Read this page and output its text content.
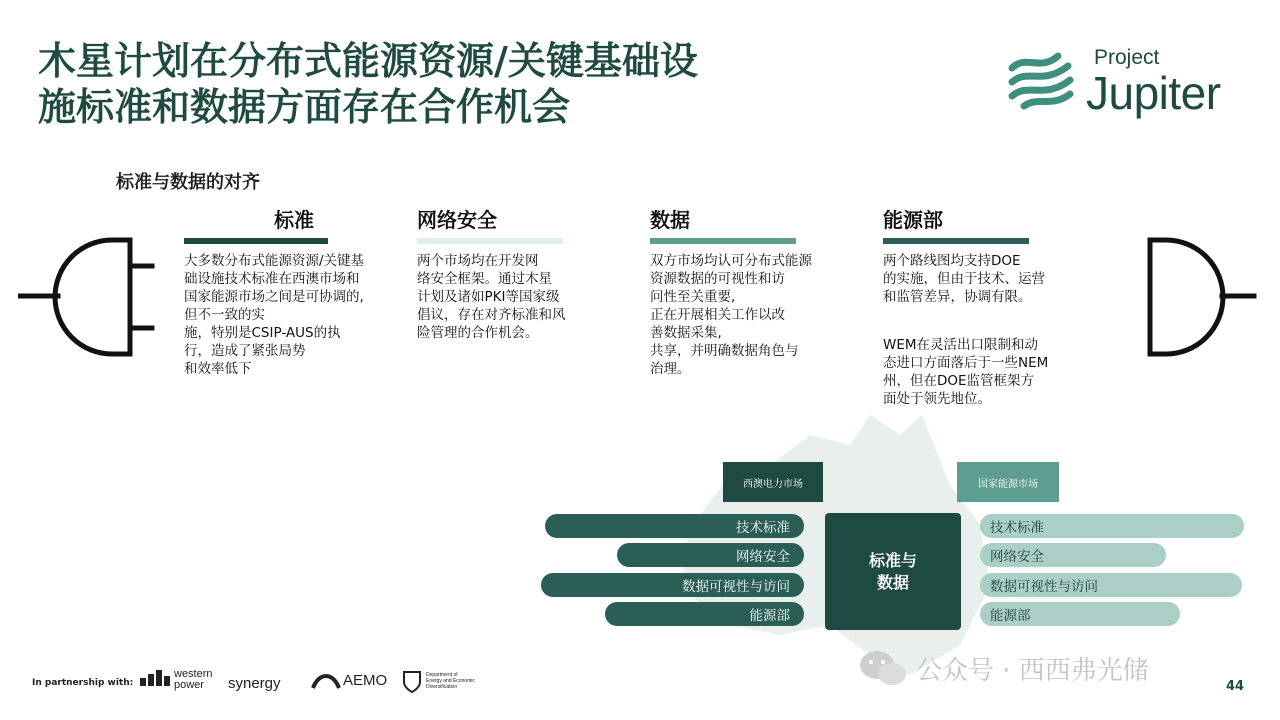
木星计划在分布式能源资源/关键基础设
施标准和数据方面存在合作机会
Project
Jupiter
标准与数据的对齐
标准
大多数分布式能源资源/关键基
础设施技术标准在西澳市场和
国家能源市场之间是可协调的,
但不一致的实
施，特别是CSIP-AUS的执
行，造成了紧张局势
和效率低下
网络安全
两个市场均在开发网
络安全框架。通过木星
计划及诸如PKI等国家级
倡议，存在对齐标准和风
险管理的合作机会。
数据
双方市场均认可分布式能源
资源数据的可视性和访
问性至关重要,
正在开展相关工作以改
善数据采集,
共享，并明确数据角色与
治理。
能源部
两个路线图均支持DOE
的实施，但由于技术、运营
和监管差异，协调有限。
WEM在灵活出口限制和动
态进口方面落后于一些NEM
州，但在DOE监管框架方
面处于领先地位。
西澳电力市场	国家能源市场
技术标准
网络安全
数据可视性与访问
能源部
标准与
数据
技术标准
网络安全
数据可视性与访问
能源部
In partnership with:
western
power	synergy	AEMO	Department of
Energy and Economic
Diversification
公众号 · 西西弗光储
44
